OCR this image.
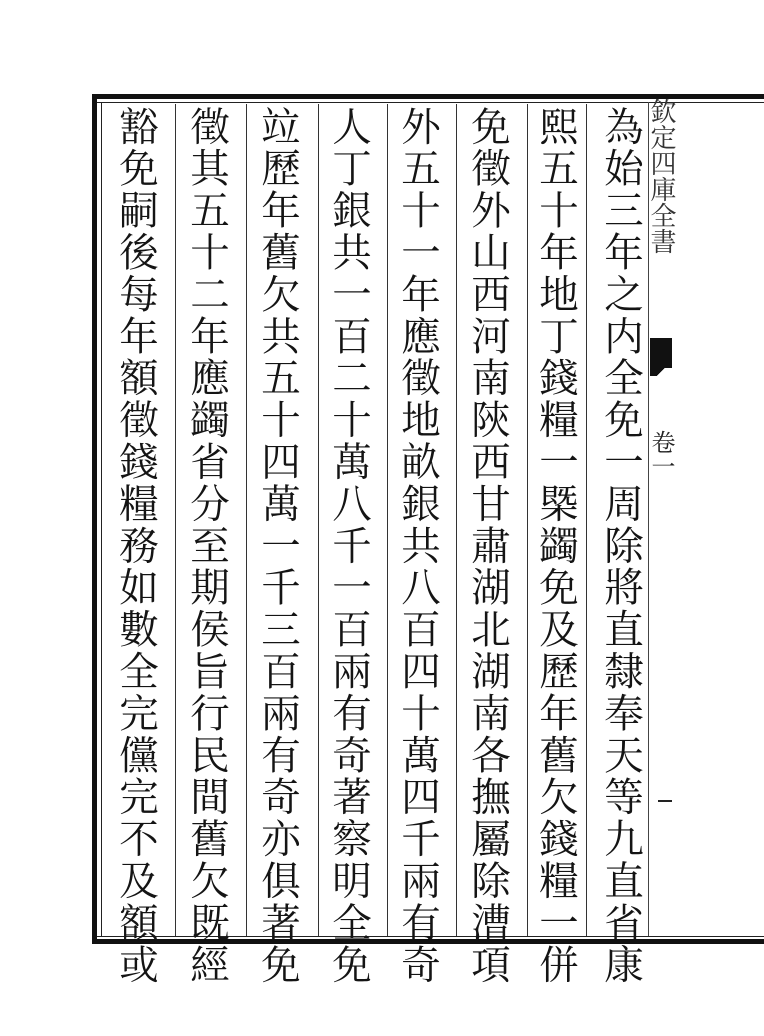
欽定四庫全書
卷一
為始三年之内全免一周除將直隸奉天等九直省康
熙五十年地丁錢糧一槩蠲免及歷年舊欠錢糧一併
免徵外山西河南陝西甘肅湖北湖南各撫屬除漕項
外五十一年應徵地畝銀共八百四十萬四千兩有奇
人丁銀共一百二十萬八千一百兩有奇著察明全免
竝歷年舊欠共五十四萬一千三百兩有奇亦俱著免
徵其五十二年應蠲省分至期侯旨行民間舊欠既經
豁免嗣後每年額徵錢糧務如數全完儻完不及額或
